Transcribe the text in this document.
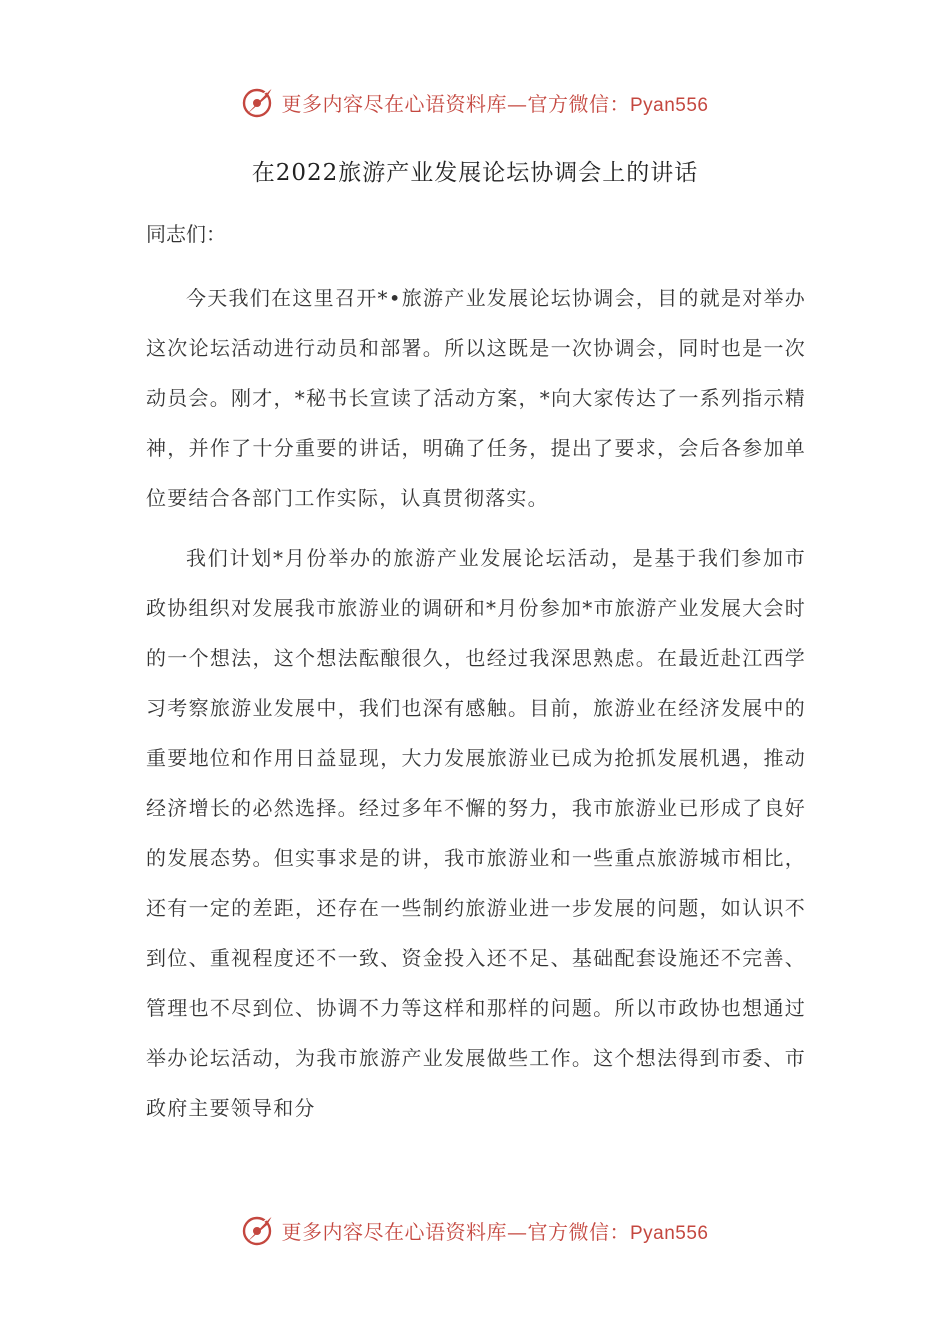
更多内容尽在心语资料库—官方微信：Pyan556
在2022旅游产业发展论坛协调会上的讲话
同志们：
今天我们在这里召开*•旅游产业发展论坛协调会，目的就是对举办这次论坛活动进行动员和部署。所以这既是一次协调会，同时也是一次动员会。刚才，*秘书长宣读了活动方案，*向大家传达了一系列指示精神，并作了十分重要的讲话，明确了任务，提出了要求，会后各参加单位要结合各部门工作实际，认真贯彻落实。
我们计划*月份举办的旅游产业发展论坛活动，是基于我们参加市政协组织对发展我市旅游业的调研和*月份参加*市旅游产业发展大会时的一个想法，这个想法酝酿很久，也经过我深思熟虑。在最近赴江西学习考察旅游业发展中，我们也深有感触。目前，旅游业在经济发展中的重要地位和作用日益显现，大力发展旅游业已成为抢抓发展机遇，推动经济增长的必然选择。经过多年不懈的努力，我市旅游业已形成了良好的发展态势。但实事求是的讲，我市旅游业和一些重点旅游城市相比，还有一定的差距，还存在一些制约旅游业进一步发展的问题，如认识不到位、重视程度还不一致、资金投入还不足、基础配套设施还不完善、管理也不尽到位、协调不力等这样和那样的问题。所以市政协也想通过举办论坛活动，为我市旅游产业发展做些工作。这个想法得到市委、市政府主要领导和分
更多内容尽在心语资料库—官方微信：Pyan556
